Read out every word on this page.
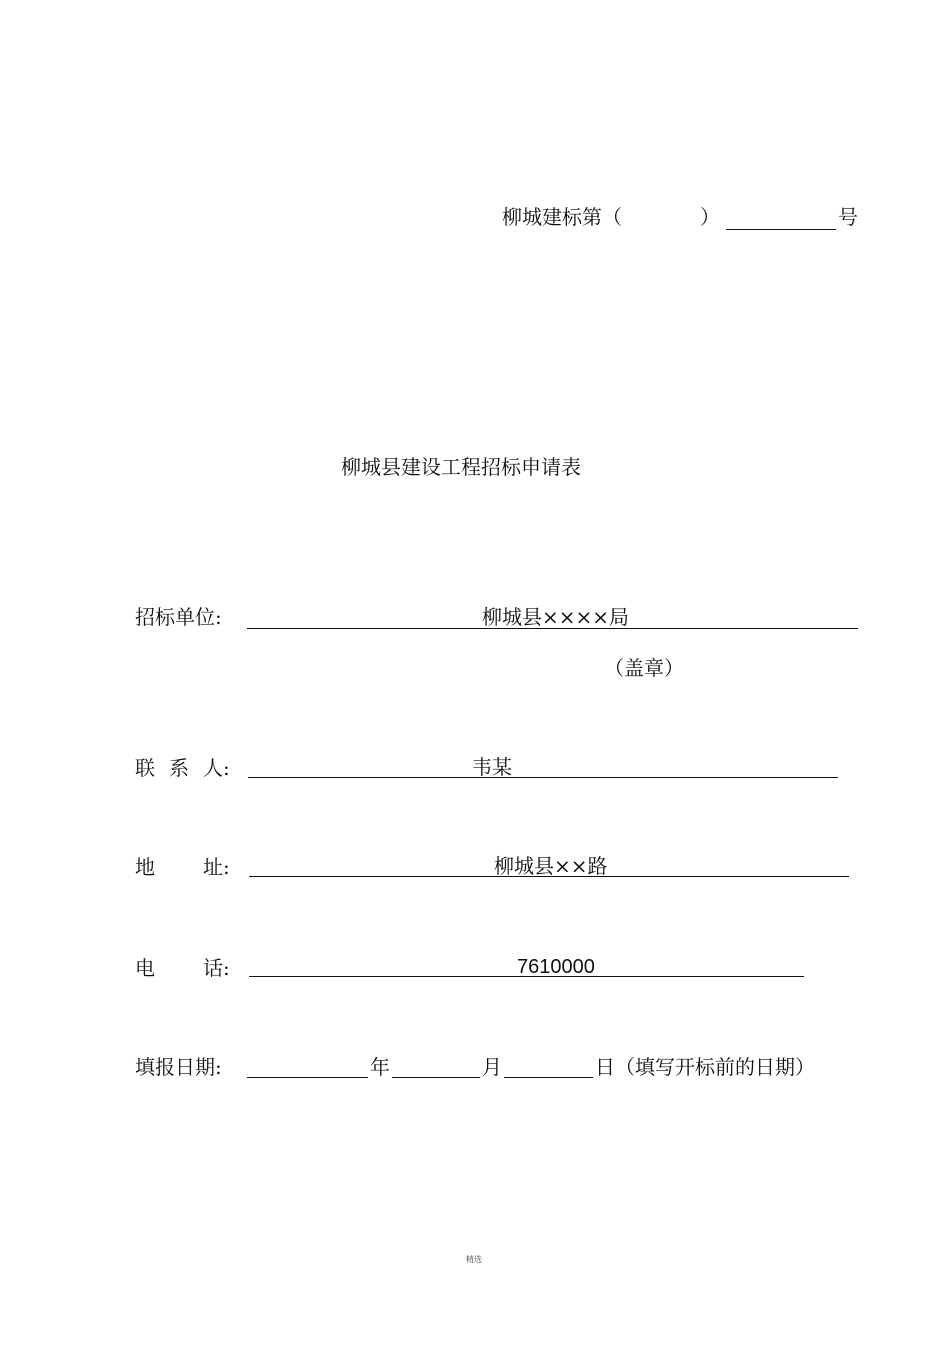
柳城建标第（	）	号
柳城县建设工程招标申请表
招标单位:	柳城县××××局
（盖章）
联 系 人:	韦某
地 址:	柳城县××路
电 话:	7610000
填报日期:	年	月	日（填写开标前的日期）
精选
